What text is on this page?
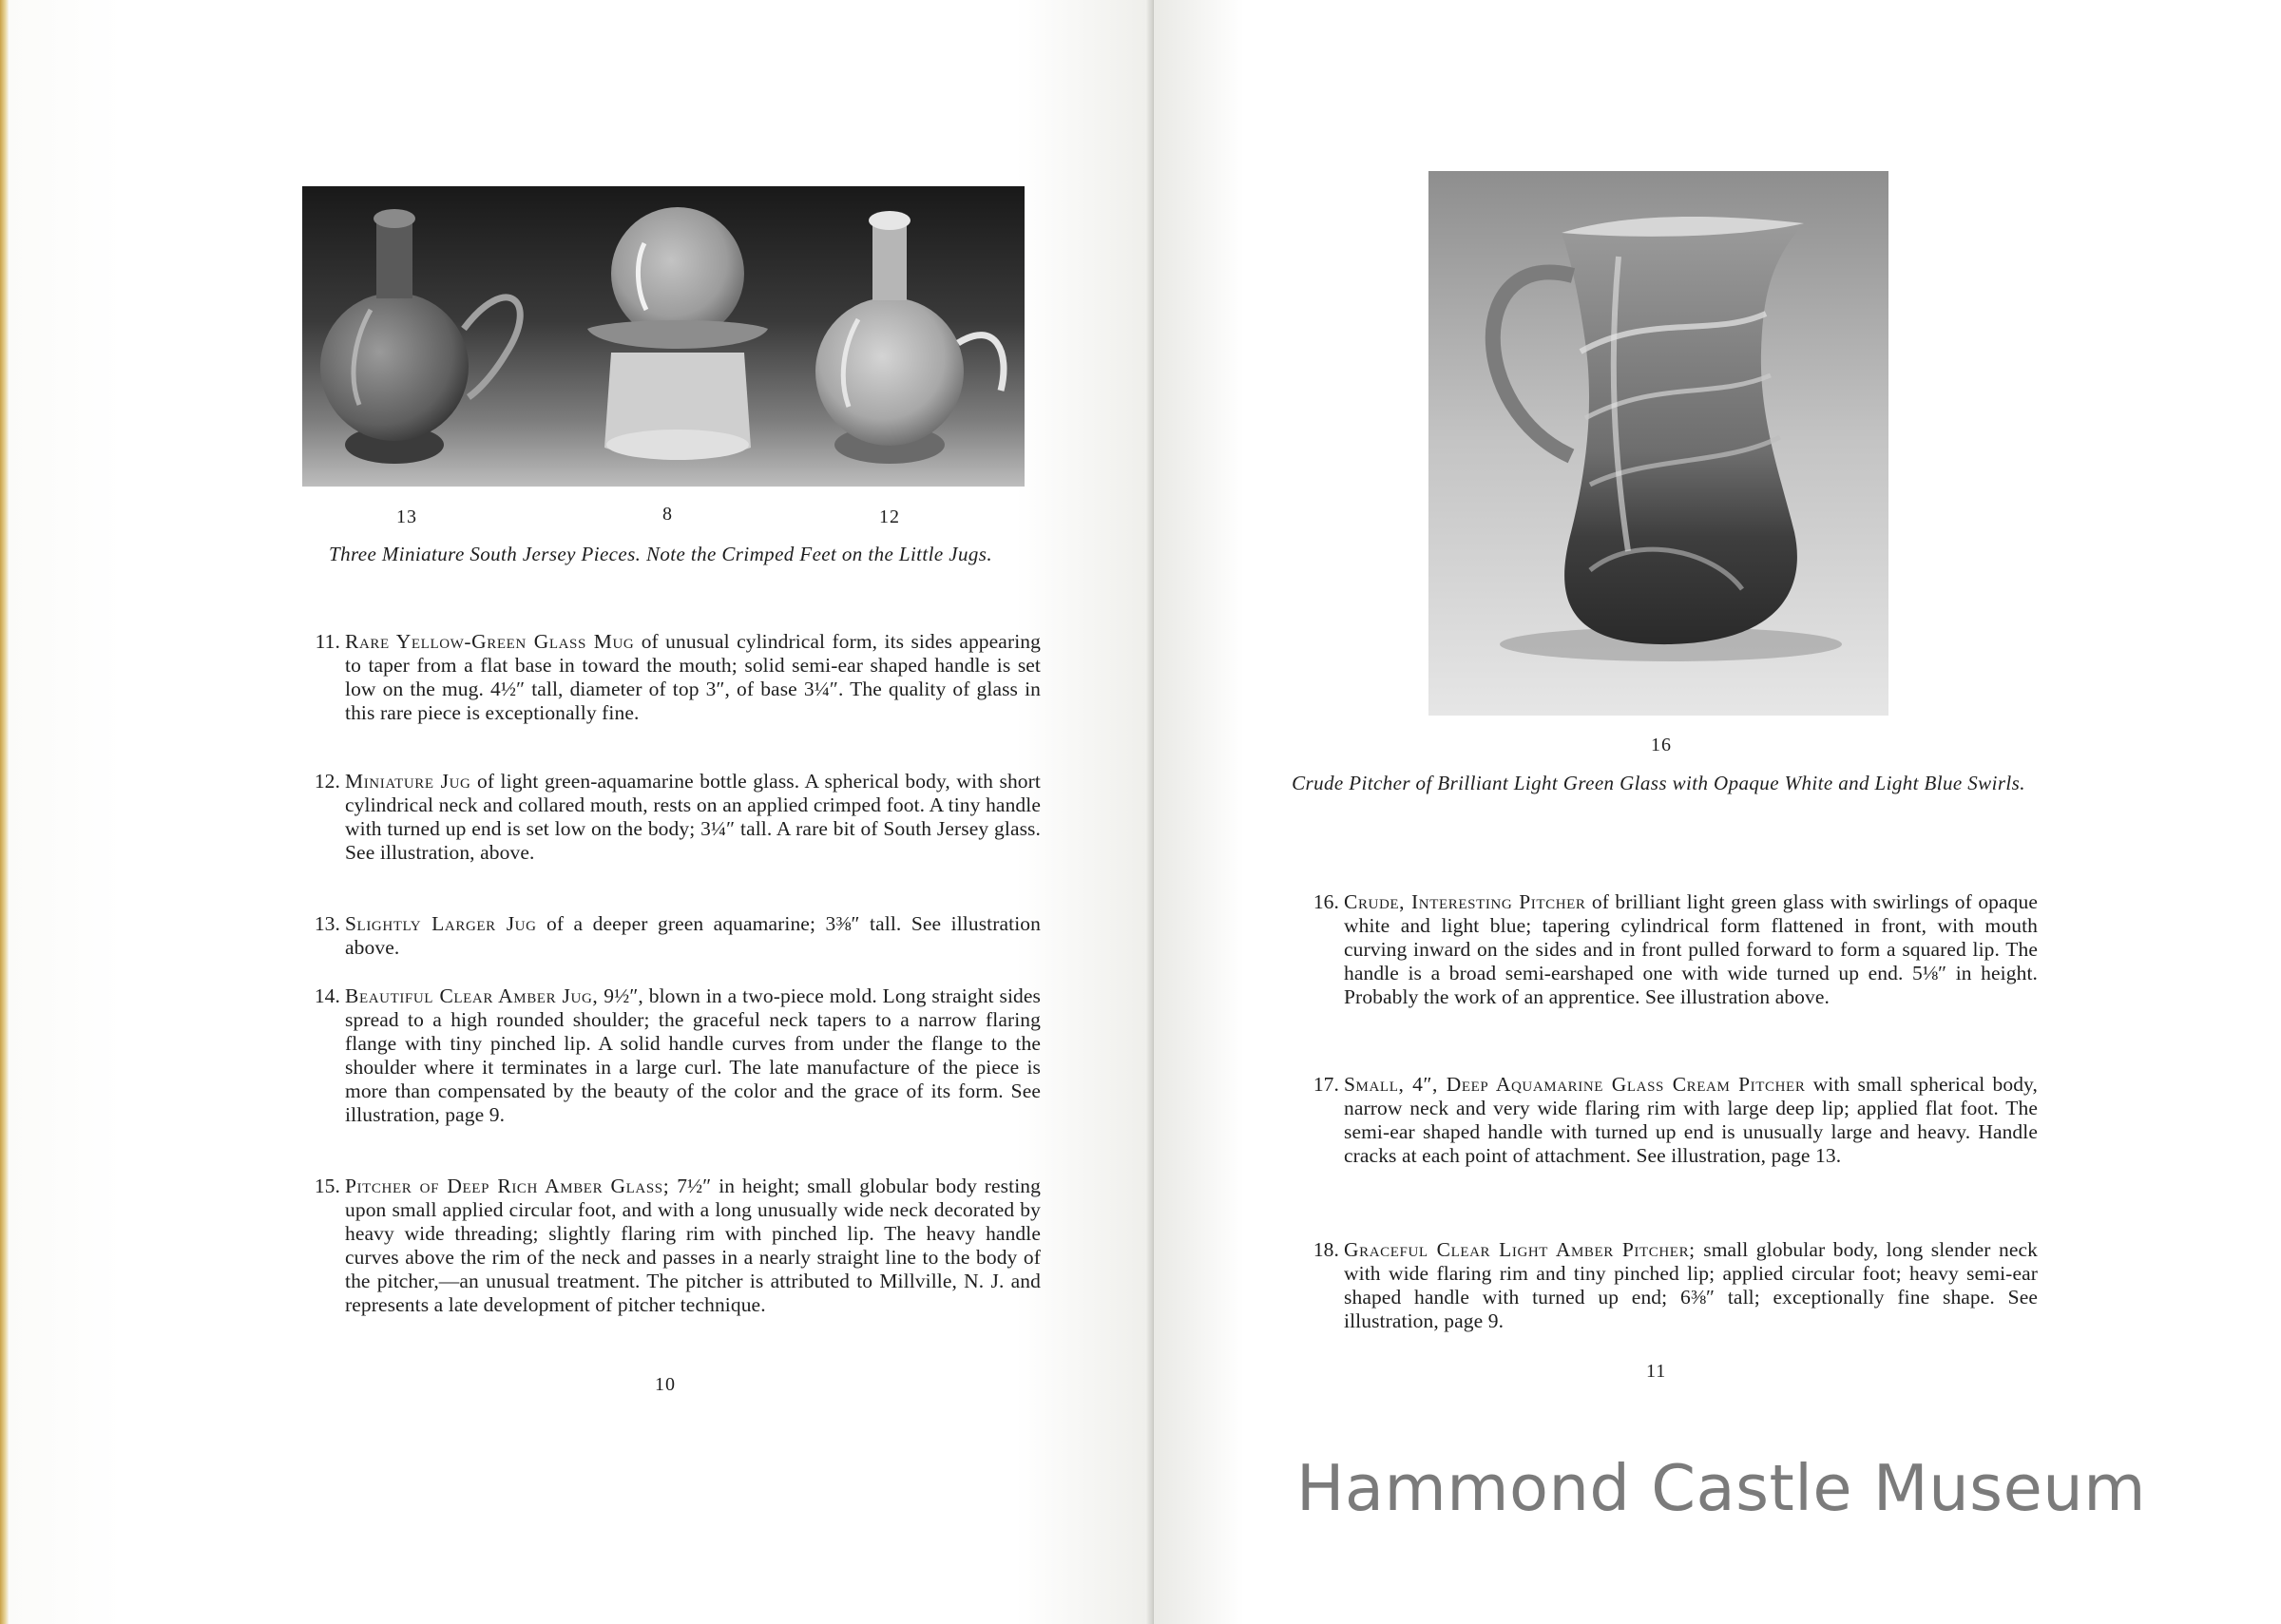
13	8	12
Three Miniature South Jersey Pieces. Note the Crimped Feet on the Little Jugs.
11. Rare Yellow-Green Glass Mug of unusual cylindrical form, its sides appearing to taper from a flat base in toward the mouth; solid semi-ear shaped handle is set low on the mug. 4½″ tall, diameter of top 3″, of base 3¼″. The quality of glass in this rare piece is exceptionally fine.
12. Miniature Jug of light green-aquamarine bottle glass. A spherical body, with short cylindrical neck and collared mouth, rests on an applied crimped foot. A tiny handle with turned up end is set low on the body; 3¼″ tall. A rare bit of South Jersey glass. See illustration, above.
13. Slightly Larger Jug of a deeper green aquamarine; 3⅜″ tall. See illustration above.
14. Beautiful Clear Amber Jug, 9½″, blown in a two-piece mold. Long straight sides spread to a high rounded shoulder; the graceful neck tapers to a narrow flaring flange with tiny pinched lip. A solid handle curves from under the flange to the shoulder where it terminates in a large curl. The late manufacture of the piece is more than compensated by the beauty of the color and the grace of its form. See illustration, page 9.
15. Pitcher of Deep Rich Amber Glass; 7½″ in height; small globular body resting upon small applied circular foot, and with a long unusually wide neck decorated by heavy wide threading; slightly flaring rim with pinched lip. The heavy handle curves above the rim of the neck and passes in a nearly straight line to the body of the pitcher,—an unusual treatment. The pitcher is attributed to Millville, N. J. and represents a late development of pitcher technique.
10
16
Crude Pitcher of Brilliant Light Green Glass with Opaque White and Light Blue Swirls.
16. Crude, Interesting Pitcher of brilliant light green glass with swirlings of opaque white and light blue; tapering cylindrical form flattened in front, with mouth curving inward on the sides and in front pulled forward to form a squared lip. The handle is a broad semi-earshaped one with wide turned up end. 5⅛″ in height. Probably the work of an apprentice. See illustration above.
17. Small, 4″, Deep Aquamarine Glass Cream Pitcher with small spherical body, narrow neck and very wide flaring rim with large deep lip; applied flat foot. The semi-ear shaped handle with turned up end is unusually large and heavy. Handle cracks at each point of attachment. See illustration, page 13.
18. Graceful Clear Light Amber Pitcher; small globular body, long slender neck with wide flaring rim and tiny pinched lip; applied circular foot; heavy semi-ear shaped handle with turned up end; 6⅜″ tall; exceptionally fine shape. See illustration, page 9.
11
Hammond Castle Museum
